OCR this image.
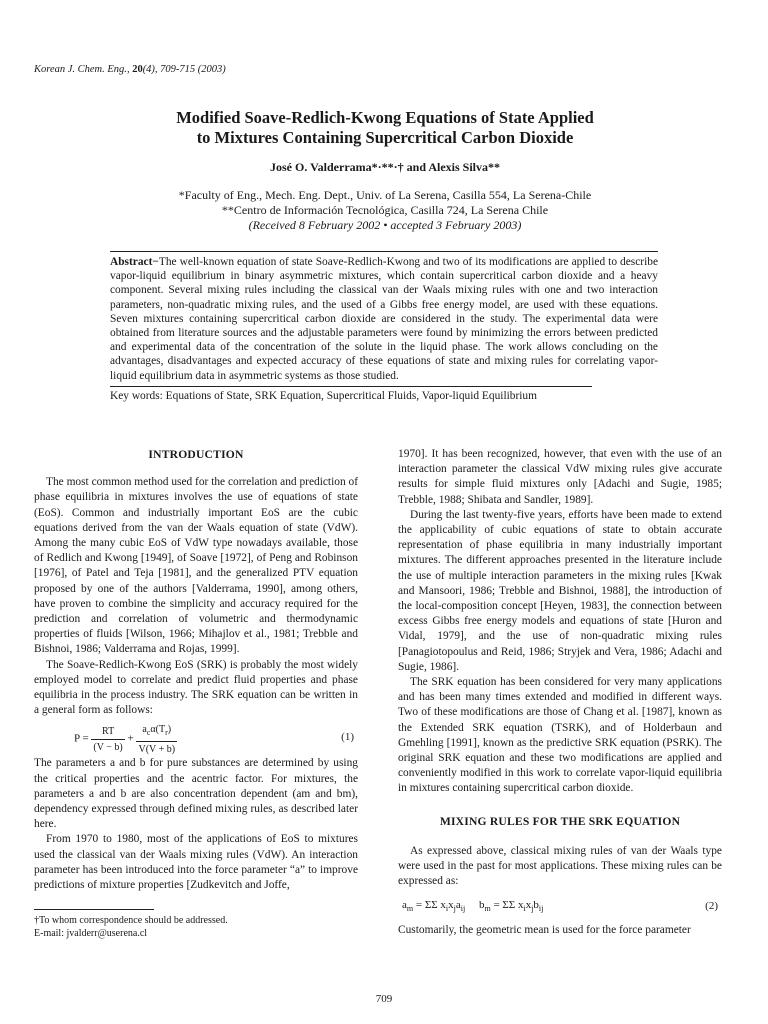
Korean J. Chem. Eng., 20(4), 709-715 (2003)
Modified Soave-Redlich-Kwong Equations of State Applied
to Mixtures Containing Supercritical Carbon Dioxide
José O. Valderrama*·**·† and Alexis Silva**
*Faculty of Eng., Mech. Eng. Dept., Univ. of La Serena, Casilla 554, La Serena-Chile
**Centro de Información Tecnológica, Casilla 724, La Serena Chile
(Received 8 February 2002 • accepted 3 February 2003)
Abstract−The well-known equation of state Soave-Redlich-Kwong and two of its modifications are applied to describe vapor-liquid equilibrium in binary asymmetric mixtures, which contain supercritical carbon dioxide and a heavy component. Several mixing rules including the classical van der Waals mixing rules with one and two interaction parameters, non-quadratic mixing rules, and the used of a Gibbs free energy model, are used with these equations. Seven mixtures containing supercritical carbon dioxide are considered in the study. The experimental data were obtained from literature sources and the adjustable parameters were found by minimizing the errors between predicted and experimental data of the concentration of the solute in the liquid phase. The work allows concluding on the advantages, disadvantages and expected accuracy of these equations of state and mixing rules for correlating vapor-liquid equilibrium data in asymmetric systems as those studied.
Key words: Equations of State, SRK Equation, Supercritical Fluids, Vapor-liquid Equilibrium
INTRODUCTION

The most common method used for the correlation and prediction of phase equilibria in mixtures involves the use of equations of state (EoS). Common and industrially important EoS are the cubic equations derived from the van der Waals equation of state (VdW). Among the many cubic EoS of VdW type nowadays available, those of Redlich and Kwong [1949], of Soave [1972], of Peng and Robinson [1976], of Patel and Teja [1981], and the generalized PTV equation proposed by one of the authors [Valderrama, 1990], among others, have proven to combine the simplicity and accuracy required for the prediction and correlation of volumetric and thermodynamic properties of fluids [Wilson, 1966; Mihajlov et al., 1981; Trebble and Bishnoi, 1986; Valderrama and Rojas, 1999].

The Soave-Redlich-Kwong EoS (SRK) is probably the most widely employed model to correlate and predict fluid properties and phase equilibria in the process industry. The SRK equation can be written in a general form as follows:

$P = \frac{RT}{(V - b)} + \frac{a_c\alpha(T_r)}{V(V + b)}$	(1)

The parameters a and b for pure substances are determined by using the critical properties and the acentric factor. For mixtures, the parameters a and b are also concentration dependent (am and bm), dependency expressed through defined mixing rules, as described later here.

From 1970 to 1980, most of the applications of EoS to mixtures used the classical van der Waals mixing rules (VdW). An interaction parameter has been introduced into the force parameter “a” to improve predictions of mixture properties [Zudkevitch and Joffe,

1970]. It has been recognized, however, that even with the use of an interaction parameter the classical VdW mixing rules give accurate results for simple fluid mixtures only [Adachi and Sugie, 1985; Trebble, 1988; Shibata and Sandler, 1989].

During the last twenty-five years, efforts have been made to extend the applicability of cubic equations of state to obtain accurate representation of phase equilibria in many industrially important mixtures. The different approaches presented in the literature include the use of multiple interaction parameters in the mixing rules [Kwak and Mansoori, 1986; Trebble and Bishnoi, 1988], the introduction of the local-composition concept [Heyen, 1983], the connection between excess Gibbs free energy models and equations of state [Huron and Vidal, 1979], and the use of non-quadratic mixing rules [Panagiotopoulus and Reid, 1986; Stryjek and Vera, 1986; Adachi and Sugie, 1986].

The SRK equation has been considered for very many applications and has been many times extended and modified in different ways. Two of these modifications are those of Chang et al. [1987], known as the Extended SRK equation (TSRK), and of Holderbaun and Gmehling [1991], known as the predictive SRK equation (PSRK). The original SRK equation and these two modifications are applied and conveniently modified in this work to correlate vapor-liquid equilibria in mixtures containing supercritical carbon dioxide.

MIXING RULES FOR THE SRK EQUATION

As expressed above, classical mixing rules of van der Waals type were used in the past for most applications. These mixing rules can be expressed as:

$a_m = \Sigma\Sigma$ $x_ix_ja_{ij}$     $b_m = \Sigma\Sigma$ $x_ix_jb_{ij}$	(2)

Customarily, the geometric mean is used for the force parameter

†To whom correspondence should be addressed.
E-mail: jvalderr@userena.cl
709
